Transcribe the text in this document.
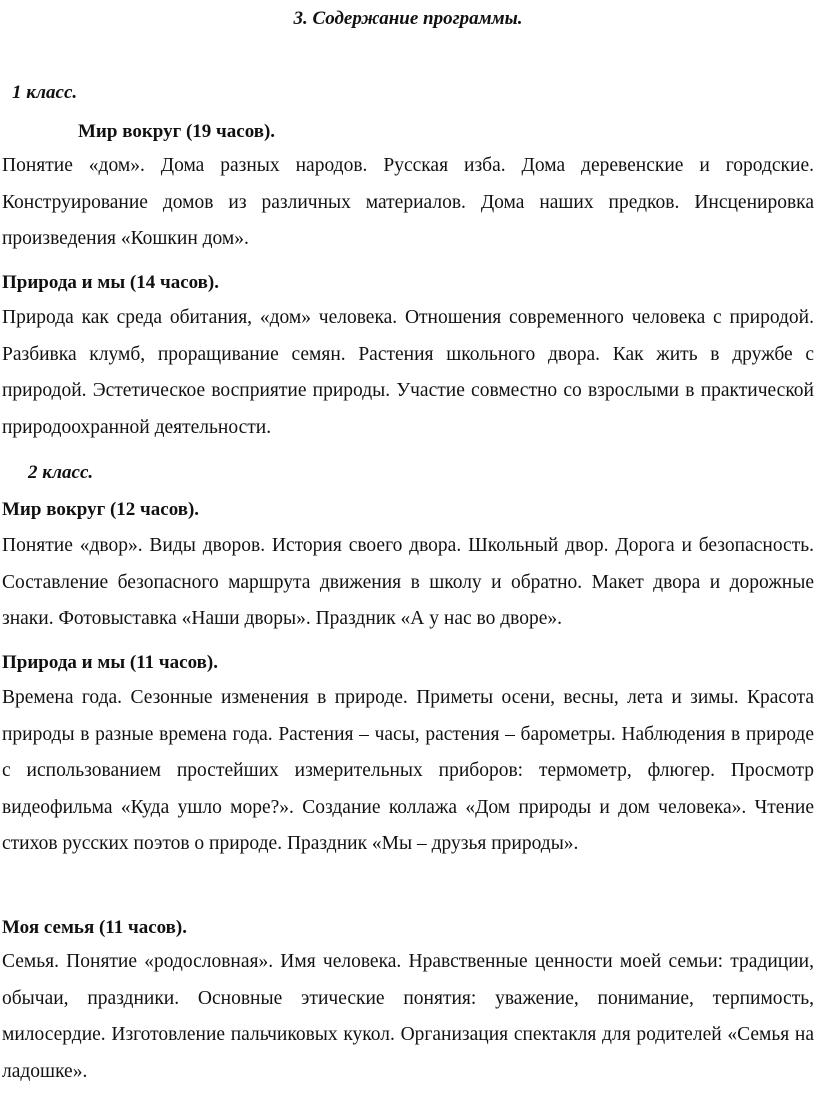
3. Содержание программы.
1 класс.
Мир вокруг (19 часов).

Понятие «дом». Дома разных народов. Русская изба. Дома деревенские и городские. Конструирование домов из различных материалов. Дома наших предков. Инсценировка произведения «Кошкин дом».

Природа и мы (14 часов).

Природа как среда обитания, «дом» человека. Отношения современного человека с природой. Разбивка клумб, проращивание семян. Растения школьного двора. Как жить в дружбе с природой. Эстетическое восприятие природы. Участие совместно со взрослыми в практической природоохранной деятельности.

2 класс.
Мир вокруг (12 часов).

Понятие «двор». Виды дворов. История своего двора. Школьный двор. Дорога и безопасность. Составление безопасного маршрута движения в школу и обратно. Макет двора и дорожные знаки. Фотовыставка «Наши дворы». Праздник «А у нас во дворе».

Природа и мы (11 часов).

Времена года. Сезонные изменения в природе. Приметы осени, весны, лета и зимы. Красота природы в разные времена года. Растения – часы, растения – барометры. Наблюдения в природе с использованием простейших измерительных приборов: термометр, флюгер. Просмотр видеофильма «Куда ушло море?». Создание коллажа «Дом природы и дом человека». Чтение стихов русских поэтов о природе. Праздник «Мы – друзья природы».

Моя семья (11 часов).

Семья. Понятие «родословная». Имя человека. Нравственные ценности моей семьи: традиции, обычаи, праздники. Основные этические понятия: уважение, понимание, терпимость, милосердие. Изготовление пальчиковых кукол. Организация спектакля для родителей «Семья на ладошке».
